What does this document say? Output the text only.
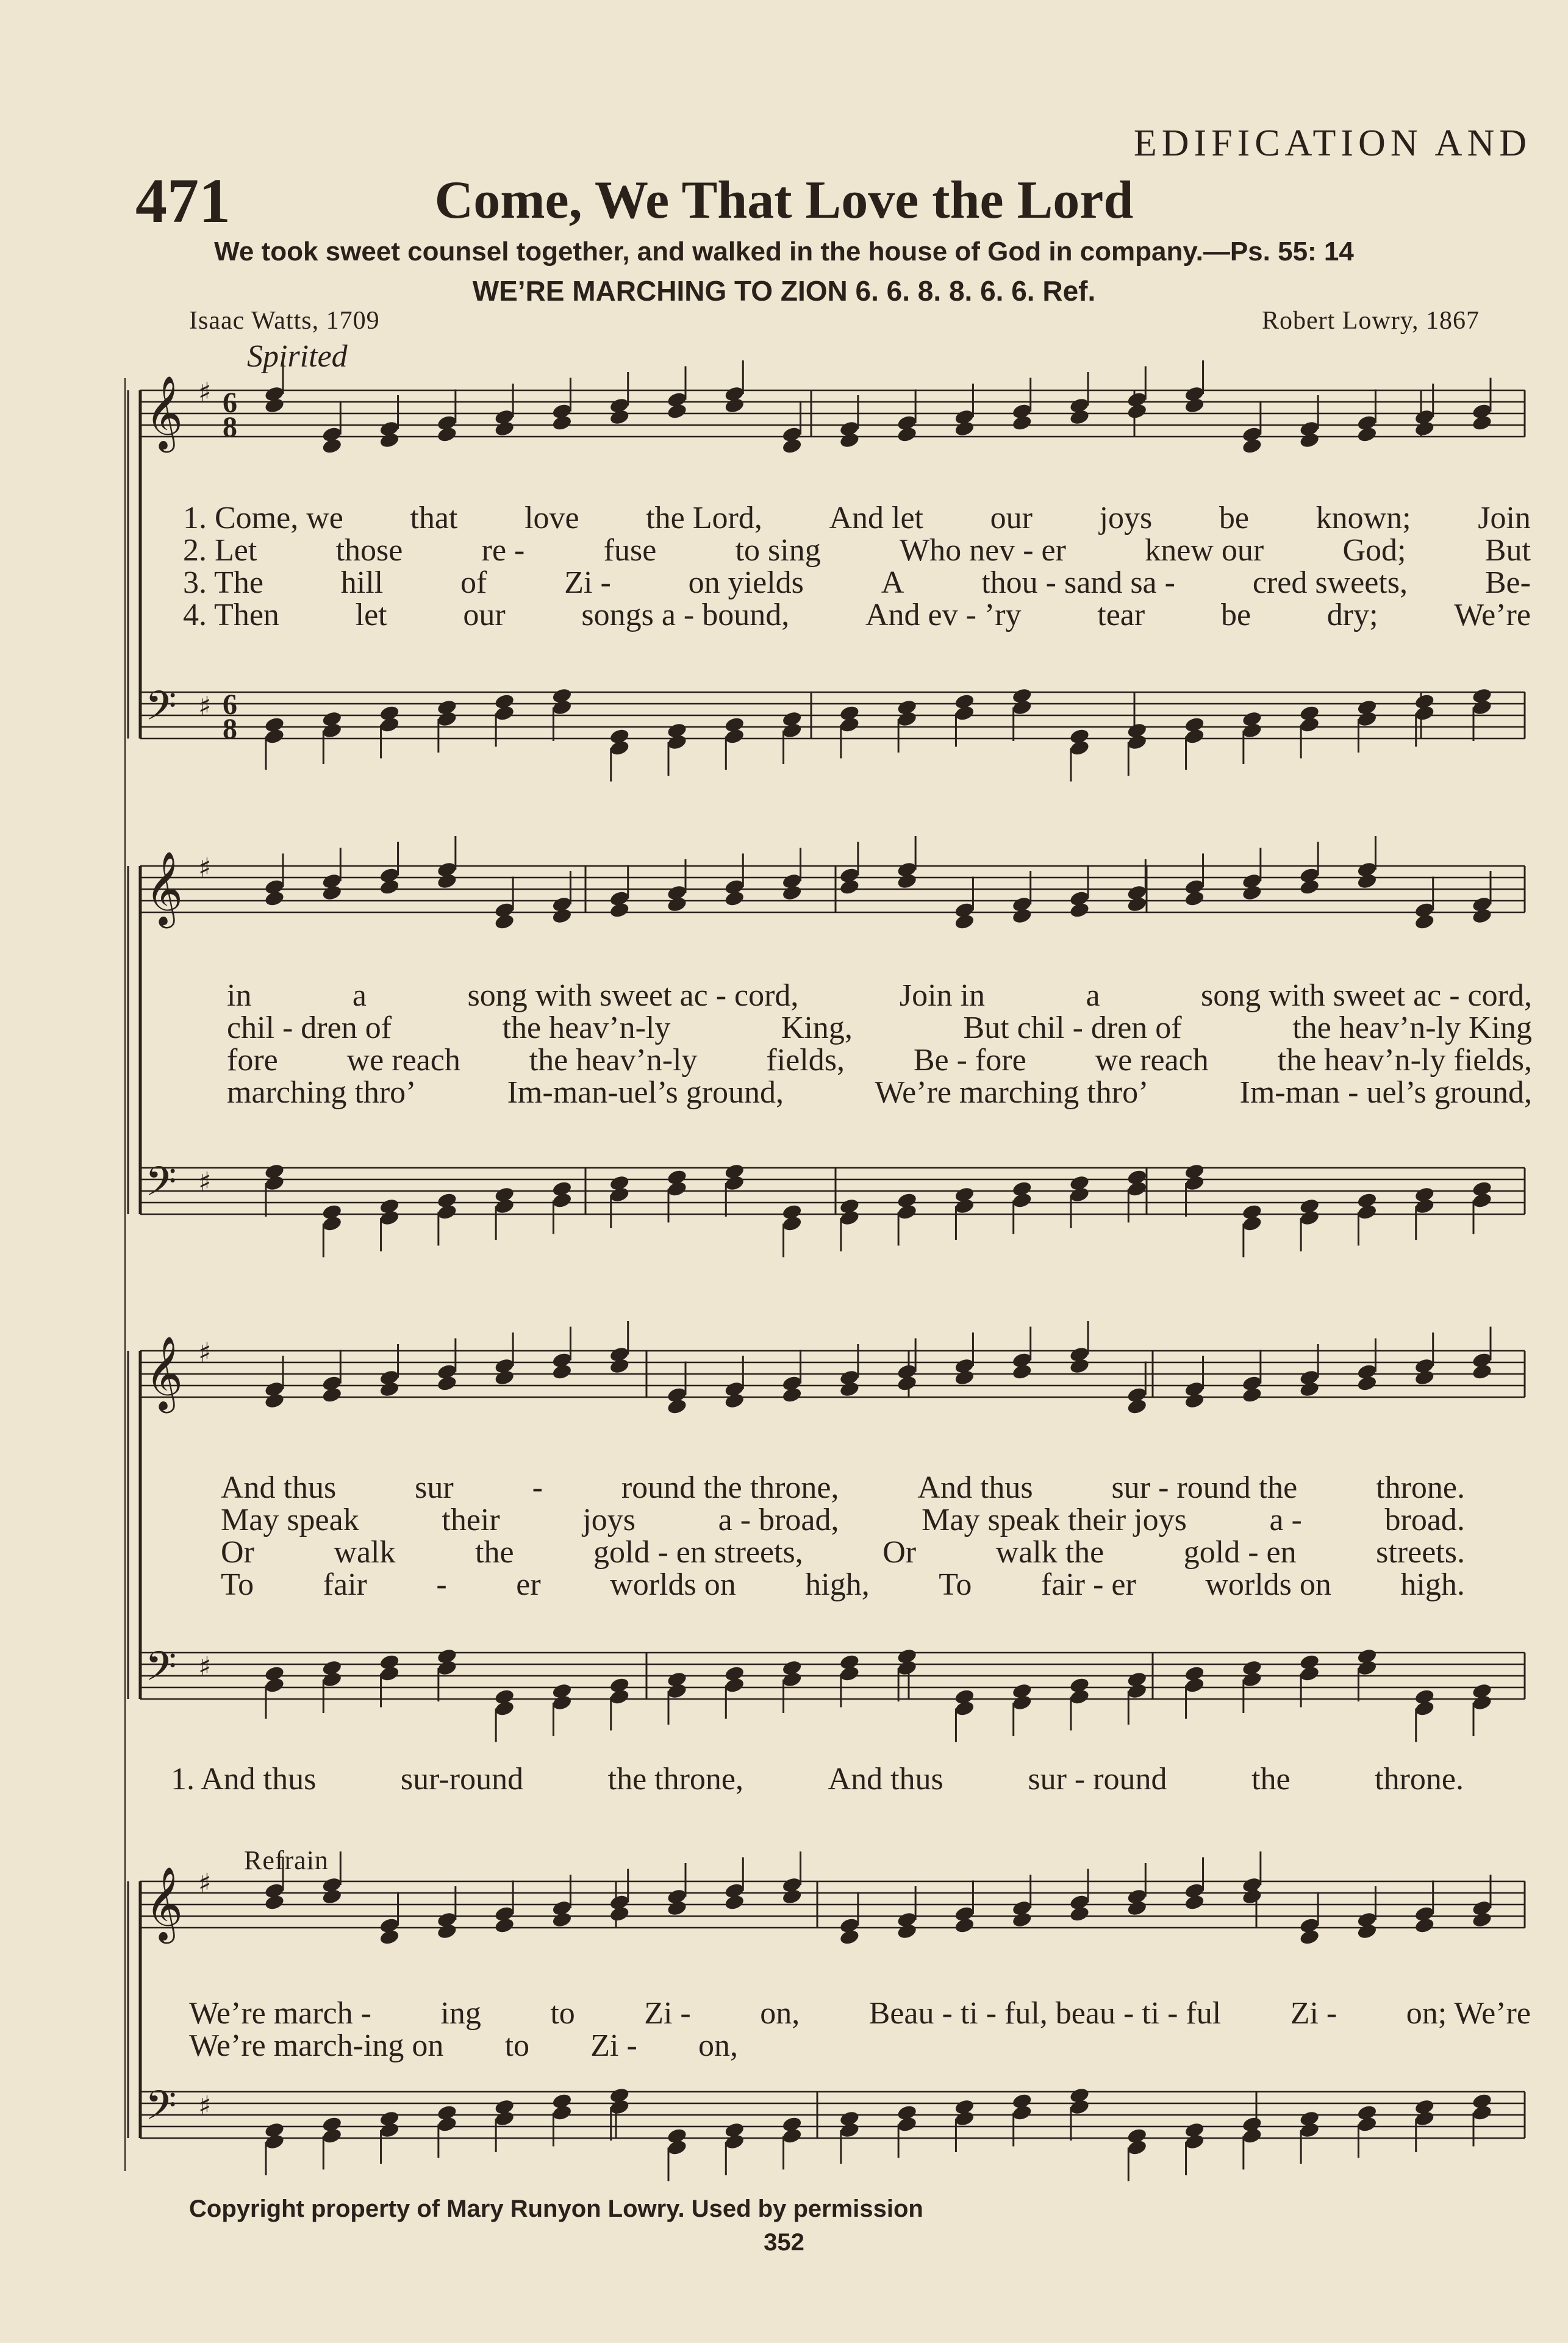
EDIFICATION AND
471	Come, We That Love the Lord
We took sweet counsel together, and walked in the house of God in company.—Ps. 55: 14
WE’RE MARCHING TO ZION 6. 6. 8. 8. 6. 6. Ref.
Isaac Watts, 1709	Robert Lowry, 1867
Spirited
Refrain
𝄞 ♯
𝄢 ♯
6
8
6
8
𝄞 ♯
𝄢 ♯
𝄞 ♯
𝄢 ♯
𝄞 ♯
𝄢 ♯
1. Come, we that love the Lord, And let our joys be known; Join
2. Let those re - fuse to sing Who nev - er knew our God; But
3. The hill of Zi - on yields A thou - sand sa - cred sweets, Be-
4. Then let our songs a - bound, And ev - ’ry tear be dry; We’re
in	a	song with sweet ac - cord,	Join in	a	song with sweet ac - cord,
chil - dren of	the heav’n-ly	King,	But chil - dren of	the heav’n-ly King
fore we reach the heav’n-ly fields, Be - fore we reach the heav’n-ly fields,
marching thro’	Im-man-uel’s ground,	We’re marching thro’	Im-man - uel’s ground,
And thus sur - round the throne, And thus sur - round the throne.
May speak	their	joys	a - broad,	May speak their joys	a -	broad.
Or	walk	the	gold - en streets,	Or	walk the	gold - en	streets.
To fair - er worlds on high, To fair - er worlds on high.
1. And thus	sur-round	the throne,	And thus	sur - round	the	throne.
We’re march - ing to Zi - on, Beau - ti - ful, beau - ti - ful Zi - on; We’re
We’re march-ing on to Zi - on,
Copyright property of Mary Runyon Lowry. Used by permission
352
